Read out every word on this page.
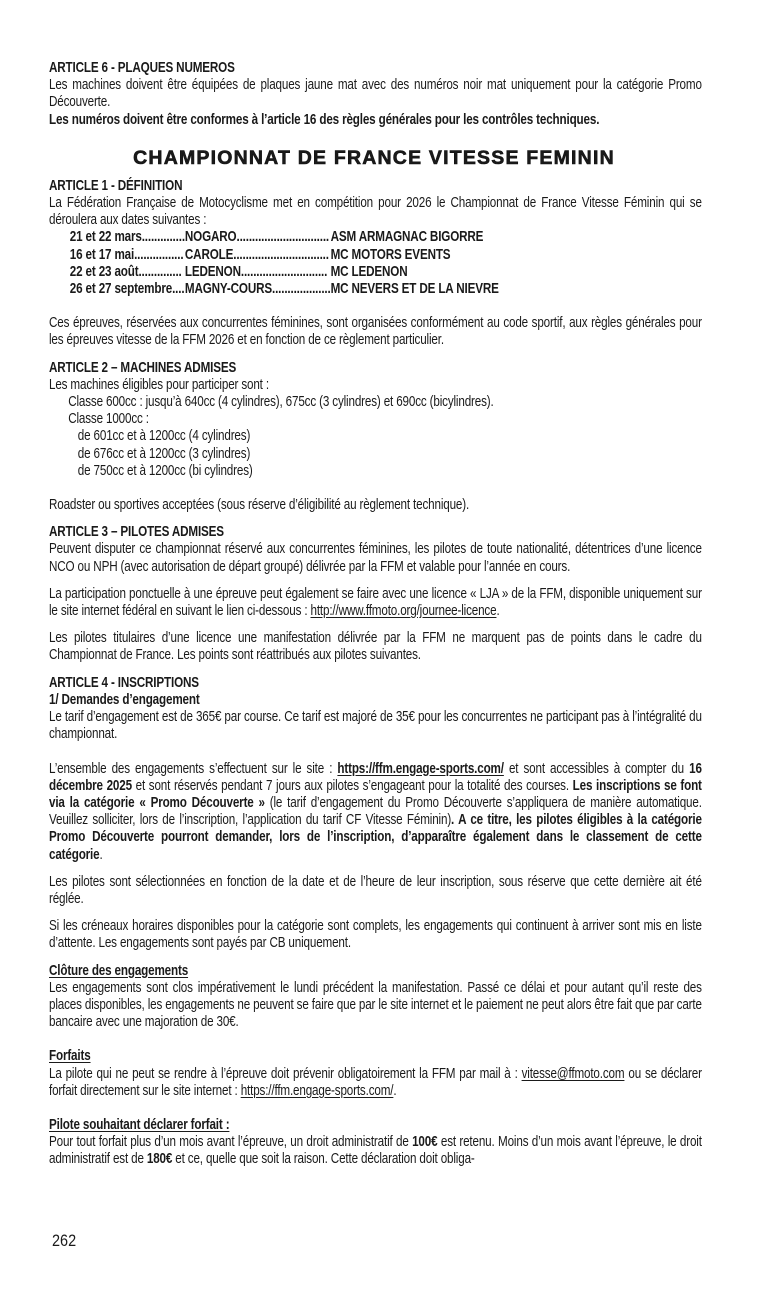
ARTICLE 6 - PLAQUES NUMEROS
Les machines doivent être équipées de plaques jaune mat avec des numéros noir mat uniquement pour la catégorie Promo Découverte.
Les numéros doivent être conformes à l’article 16 des règles générales pour les contrôles techniques.
CHAMPIONNAT DE FRANCE VITESSE FEMININ
ARTICLE 1 - DÉFINITION
La Fédération Française de Motocyclisme met en compétition pour 2026 le Championnat de France Vitesse Féminin qui se déroulera aux dates suivantes :
21 et 22 mars	..............	NOGARO	..............................	ASM ARMAGNAC BIGORRE
16 et 17 mai	................	CAROLE	...............................	MC MOTORS EVENTS
22 et 23 août	..............	LEDENON	............................	MC LEDENON
26 et 27 septembre	....	MAGNY-COURS	...................	MC NEVERS ET DE LA NIEVRE
Ces épreuves, réservées aux concurrentes féminines, sont organisées conformément au code sportif, aux règles générales pour les épreuves vitesse de la FFM 2026 et en fonction de ce règlement particulier.
ARTICLE 2 – MACHINES ADMISES
Les machines éligibles pour participer sont :
Classe 600cc : jusqu’à 640cc (4 cylindres), 675cc (3 cylindres) et 690cc (bicylindres).
Classe 1000cc :
de 601cc et à 1200cc (4 cylindres)
de 676cc et à 1200cc (3 cylindres)
de 750cc et à 1200cc (bi cylindres)
Roadster ou sportives acceptées (sous réserve d’éligibilité au règlement technique).
ARTICLE 3 – PILOTES ADMISES
Peuvent disputer ce championnat réservé aux concurrentes féminines, les pilotes de toute nationalité, détentrices d’une licence NCO ou NPH (avec autorisation de départ groupé) délivrée par la FFM et valable pour l’année en cours.
La participation ponctuelle à une épreuve peut également se faire avec une licence « LJA » de la FFM, disponible uniquement sur le site internet fédéral en suivant le lien ci-dessous : http://www.ffmoto.org/journee-licence.
Les pilotes titulaires d’une licence une manifestation délivrée par la FFM ne marquent pas de points dans le cadre du Championnat de France. Les points sont réattribués aux pilotes suivantes.
ARTICLE 4 - INSCRIPTIONS
1/ Demandes d’engagement
Le tarif d’engagement est de 365€ par course. Ce tarif est majoré de 35€ pour les concurrentes ne participant pas à l’intégralité du championnat.
L’ensemble des engagements s’effectuent sur le site : https://ffm.engage-sports.com/ et sont accessibles à compter du 16 décembre 2025 et sont réservés pendant 7 jours aux pilotes s’engageant pour la totalité des courses. Les inscriptions se font via la catégorie « Promo Découverte » (le tarif d’engagement du Promo Découverte s’appliquera de manière automatique. Veuillez solliciter, lors de l’inscription, l’application du tarif CF Vitesse Féminin). A ce titre, les pilotes éligibles à la catégorie Promo Découverte pourront demander, lors de l’inscription, d’apparaître également dans le classement de cette catégorie.
Les pilotes sont sélectionnées en fonction de la date et de l’heure de leur inscription, sous réserve que cette dernière ait été réglée.
Si les créneaux horaires disponibles pour la catégorie sont complets, les engagements qui continuent à arriver sont mis en liste d’attente. Les engagements sont payés par CB uniquement.
Clôture des engagements
Les engagements sont clos impérativement le lundi précédent la manifestation. Passé ce délai et pour autant qu’il reste des places disponibles, les engagements ne peuvent se faire que par le site internet et le paiement ne peut alors être fait que par carte bancaire avec une majoration de 30€.
Forfaits
La pilote qui ne peut se rendre à l’épreuve doit prévenir obligatoirement la FFM par mail à : vitesse@ffmoto.com ou se déclarer forfait directement sur le site internet : https://ffm.engage-sports.com/.
Pilote souhaitant déclarer forfait :
Pour tout forfait plus d’un mois avant l’épreuve, un droit administratif de 100€ est retenu. Moins d’un mois avant l’épreuve, le droit administratif est de 180€ et ce, quelle que soit la raison. Cette déclaration doit obliga-
262
